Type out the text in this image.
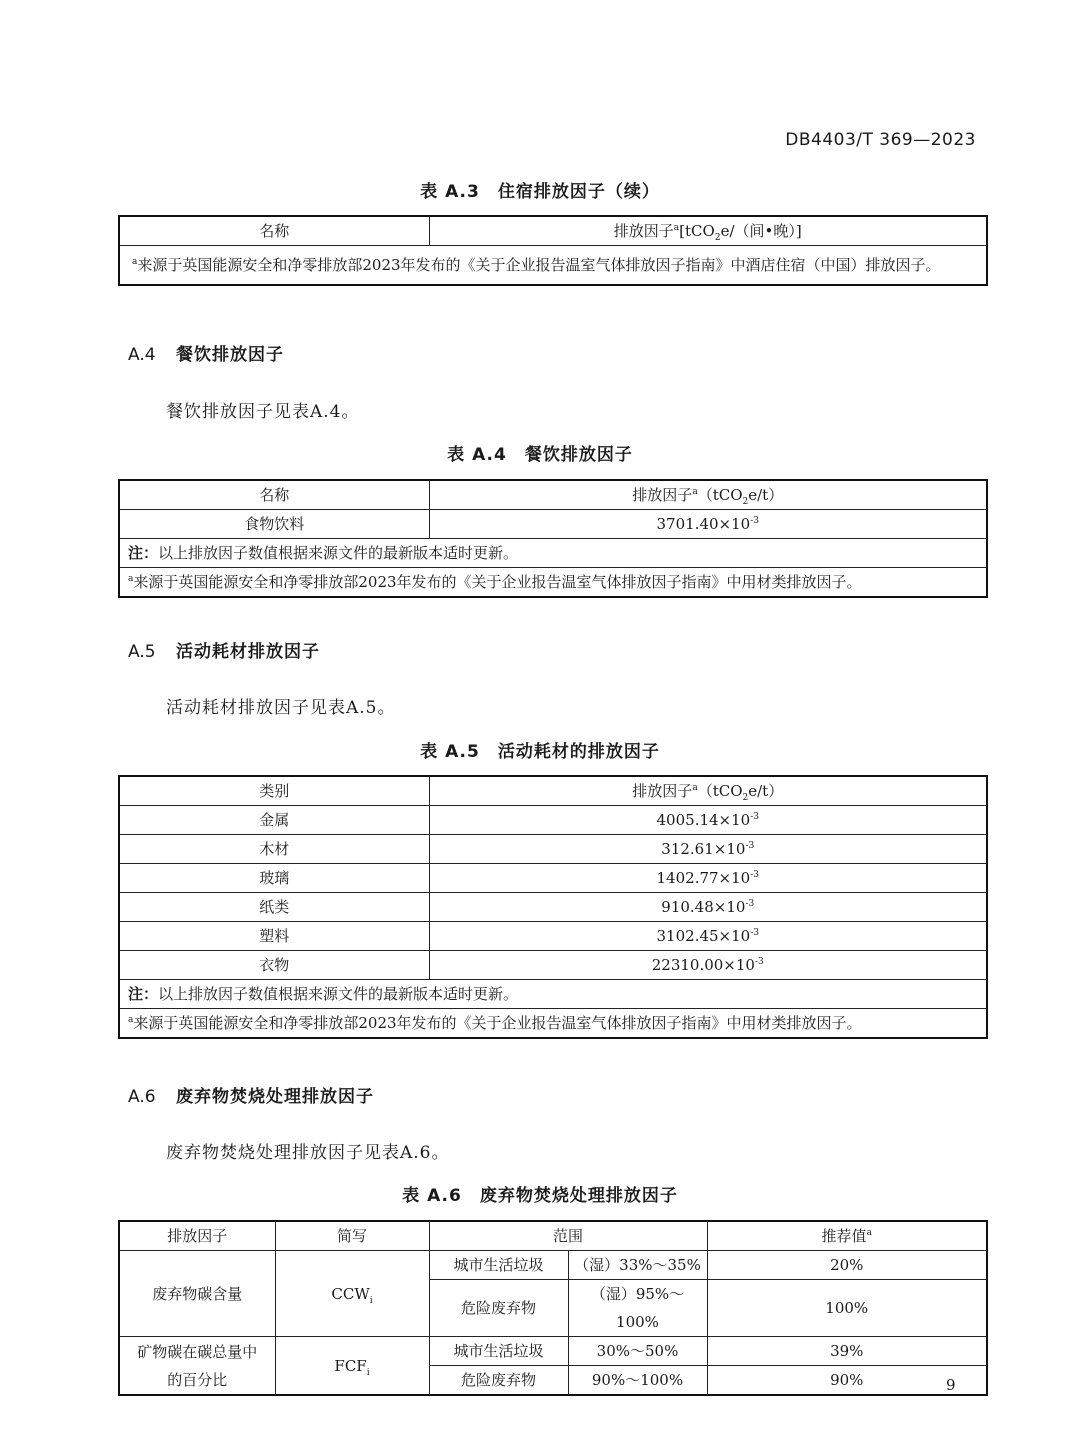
DB4403/T 369—2023
表 A.3　住宿排放因子（续）
名称	排放因子$^a$[tCO$_2$e/（间•晚）]
$^a$来源于英国能源安全和净零排放部2023年发布的《关于企业报告温室气体排放因子指南》中酒店住宿（中国）排放因子。
A.4 餐饮排放因子
餐饮排放因子见表A.4。
表 A.4　餐饮排放因子
名称	排放因子$^a$（tCO$_2$e/t）
食物饮料	$3701.40\times 10^{-3}$
注：以上排放因子数值根据来源文件的最新版本适时更新。	
$^a$来源于英国能源安全和净零排放部2023年发布的《关于企业报告温室气体排放因子指南》中用材类排放因子。	
A.5 活动耗材排放因子
活动耗材排放因子见表A.5。
表 A.5　活动耗材的排放因子
类别	排放因子$^a$（tCO$_2$e/t）
金属	$4005.14\times 10^{-3}$
木材	$312.61\times 10^{-3}$
玻璃	$1402.77\times 10^{-3}$
纸类	$910.48\times 10^{-3}$
塑料	$3102.45\times 10^{-3}$
衣物	$22310.00\times 10^{-3}$
注：以上排放因子数值根据来源文件的最新版本适时更新。	
$^a$来源于英国能源安全和净零排放部2023年发布的《关于企业报告温室气体排放因子指南》中用材类排放因子。	
A.6 废弃物焚烧处理排放因子
废弃物焚烧处理排放因子见表A.6。
表 A.6　废弃物焚烧处理排放因子
排放因子	简写	范围		推荐值$^a$
废弃物碳含量	$CCW_i$	城市生活垃圾	（湿）33%～35%	20%
		危险废弃物	（湿）95%～100%	100%

矿物碳在碳总量中
的百分比	$FCF_i$	城市生活垃圾	30%～50%	39%
		危险废弃物	90%～100%	90%	9
